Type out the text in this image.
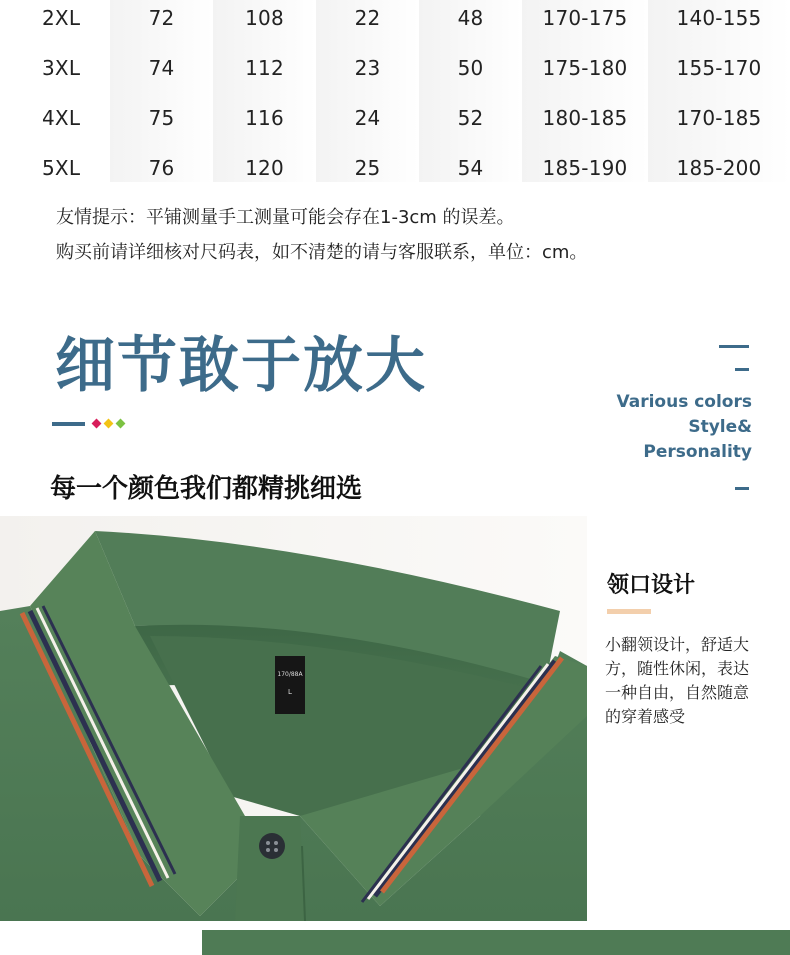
2XL
3XL
4XL
5XL
72
74
75
76
108
112
116
120
22
23
24
25
48
50
52
54
170-175
175-180
180-185
185-190
140-155
155-170
170-185
185-200
友情提示：平铺测量手工测量可能会存在1-3cm 的误差。
购买前请详细核对尺码表，如不清楚的请与客服联系，单位：cm。
细节敢于放大
Various colors
Style&
Personality
每一个颜色我们都精挑细选
170/88A
L
领口设计
小翻领设计，舒适大
方，随性休闲，表达
一种自由，自然随意
的穿着感受
